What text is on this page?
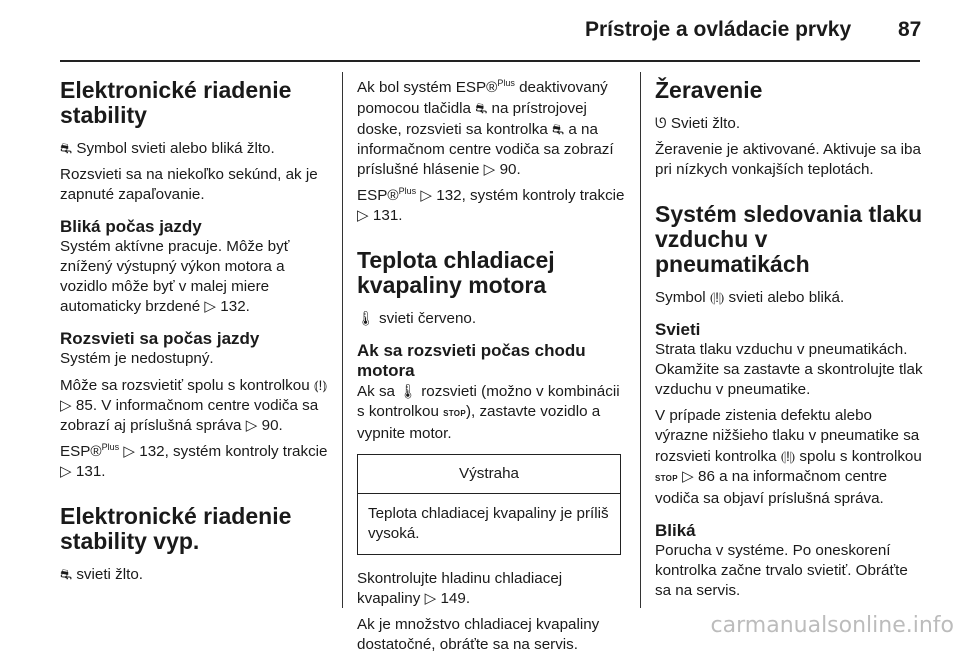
Prístroje a ovládacie prvky 87
Elektronické riadenie stability

⛐ Symbol svieti alebo bliká žlto.

Rozsvieti sa na niekoľko sekúnd, ak je zapnuté zapaľovanie.

Bliká počas jazdy

Systém aktívne pracuje. Môže byť znížený výstupný výkon motora a vozidlo môže byť v malej miere automaticky brzdené ▷ 132.

Rozsvieti sa počas jazdy

Systém je nedostupný.

Môže sa rozsvietiť spolu s kontrolkou ⦅!⦆ ▷ 85. V informačnom centre vodiča sa zobrazí aj príslušná správa ▷ 90.

ESP®$^{Plus}$ ▷ 132, systém kontroly trakcie ▷ 131.

Elektronické riadenie stability vyp.

⛐ svieti žlto.

Ak bol systém ESP®$^{Plus}$ deaktivovaný pomocou tlačidla ⛐ na prístrojovej doske, rozsvieti sa kontrolka ⛐ a na informačnom centre vodiča sa zobrazí príslušné hlásenie ▷ 90.

ESP®$^{Plus}$ ▷ 132, systém kontroly trakcie ▷ 131.

Teplota chladiacej kvapaliny motora

🌡 svieti červeno.

Ak sa rozsvieti počas chodu motora

Ak sa 🌡 rozsvieti (možno v kombinácii s kontrolkou STOP), zastavte vozidlo a vypnite motor.

Výstraha
Teplota chladiacej kvapaliny je príliš vysoká.

Skontrolujte hladinu chladiacej kvapaliny ▷ 149.

Ak je množstvo chladiacej kvapaliny dostatočné, obráťte sa na servis.

Žeravenie

ᘎ Svieti žlto.

Žeravenie je aktivované. Aktivuje sa iba pri nízkych vonkajších teplotách.

Systém sledovania tlaku vzduchu v pneumatikách

Symbol ⦇!⦈ svieti alebo bliká.

Svieti

Strata tlaku vzduchu v pneumatikách. Okamžite sa zastavte a skontrolujte tlak vzduchu v pneumatike.

V prípade zistenia defektu alebo výrazne nižšieho tlaku v pneumatike sa rozsvieti kontrolka ⦇!⦈ spolu s kontrolkou STOP ▷ 86 a na informačnom centre vodiča sa objaví príslušná správa.

Bliká

Porucha v systéme. Po oneskorení kontrolka začne trvalo svietiť. Obráťte sa na servis.

carmanualsonline.info
